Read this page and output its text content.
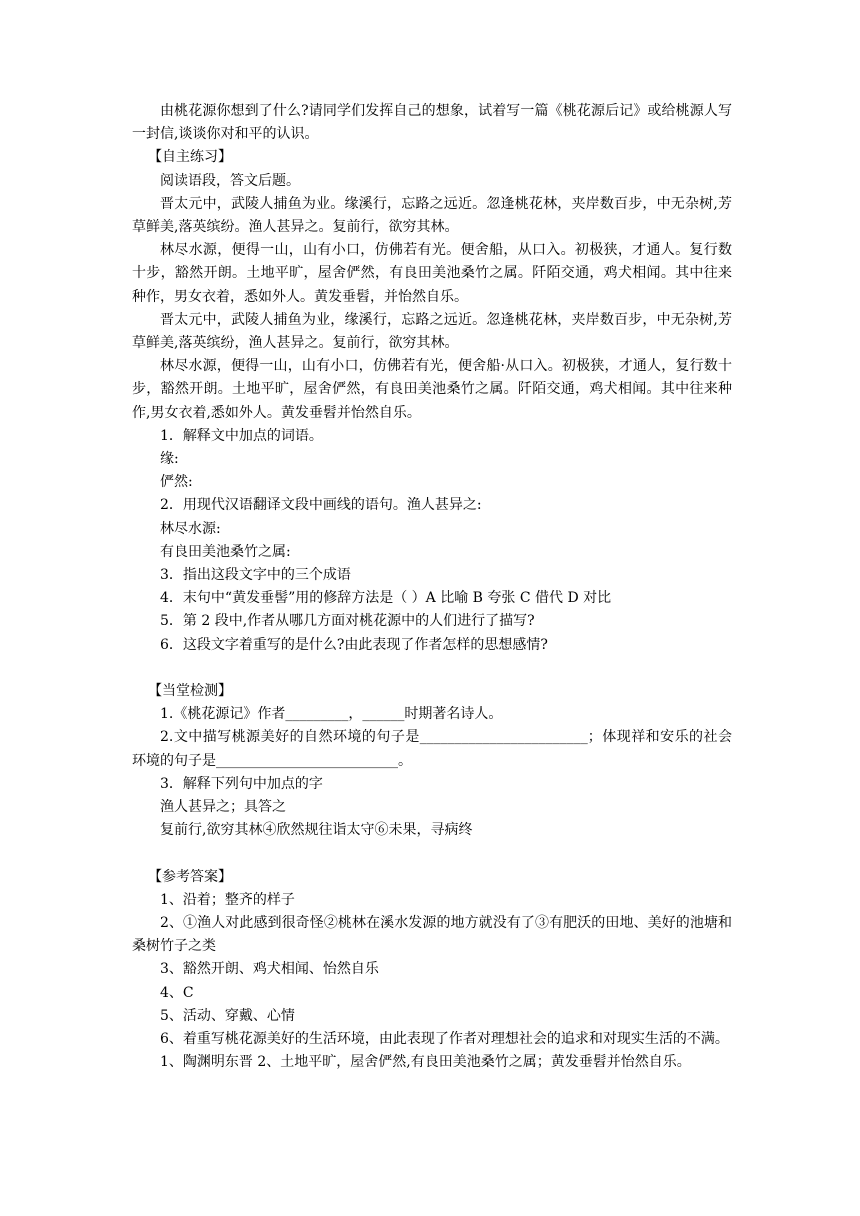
由桃花源你想到了什么?请同学们发挥自己的想象，试着写一篇《桃花源后记》或给桃源人写一封信,谈谈你对和平的认识。

【自主练习】

阅读语段，答文后题。

晋太元中，武陵人捕鱼为业。缘溪行，忘路之远近。忽逢桃花林，夹岸数百步，中无杂树,芳草鲜美,落英缤纷。渔人甚异之。复前行，欲穷其林。

林尽水源，便得一山，山有小口，仿佛若有光。便舍船，从口入。初极狭，才通人。复行数十步，豁然开朗。土地平旷，屋舍俨然，有良田美池桑竹之属。阡陌交通，鸡犬相闻。其中往来种作，男女衣着，悉如外人。黄发垂髫，并怡然自乐。

晋太元中，武陵人捕鱼为业，缘溪行，忘路之远近。忽逢桃花林，夹岸数百步，中无杂树,芳草鲜美,落英缤纷，渔人甚异之。复前行，欲穷其林。

林尽水源，便得一山，山有小口，仿佛若有光，便舍船·从口入。初极狭，才通人，复行数十步，豁然开朗。土地平旷，屋舍俨然，有良田美池桑竹之属。阡陌交通，鸡犬相闻。其中往来种作,男女衣着,悉如外人。黄发垂髫并怡然自乐。

1．解释文中加点的词语。

缘:

俨然:

2．用现代汉语翻译文段中画线的语句。渔人甚异之:

林尽水源:

有良田美池桑竹之属:

3．指出这段文字中的三个成语

4．末句中“黄发垂髻”用的修辞方法是（ ）A 比喻 B 夸张 C 借代 D 对比

5．第 2 段中,作者从哪几方面对桃花源中的人们进行了描写?

6．这段文字着重写的是什么?由此表现了作者怎样的思想感情?

【当堂检测】

1.《桃花源记》作者_________，______时期著名诗人。

2.文中描写桃源美好的自然环境的句子是________________________；体现祥和安乐的社会环境的句子是__________________________。

3．解释下列句中加点的字

渔人甚异之；具答之

复前行,欲穷其林④欣然规往诣太守⑥未果，寻病终

【参考答案】

1、沿着；整齐的样子

2、①渔人对此感到很奇怪②桃林在溪水发源的地方就没有了③有肥沃的田地、美好的池塘和桑树竹子之类

3、豁然开朗、鸡犬相闻、怡然自乐

4、C

5、活动、穿戴、心情

6、着重写桃花源美好的生活环境，由此表现了作者对理想社会的追求和对现实生活的不满。

1、陶渊明东晋 2、土地平旷，屋舍俨然,有良田美池桑竹之属；黄发垂髫并怡然自乐。
